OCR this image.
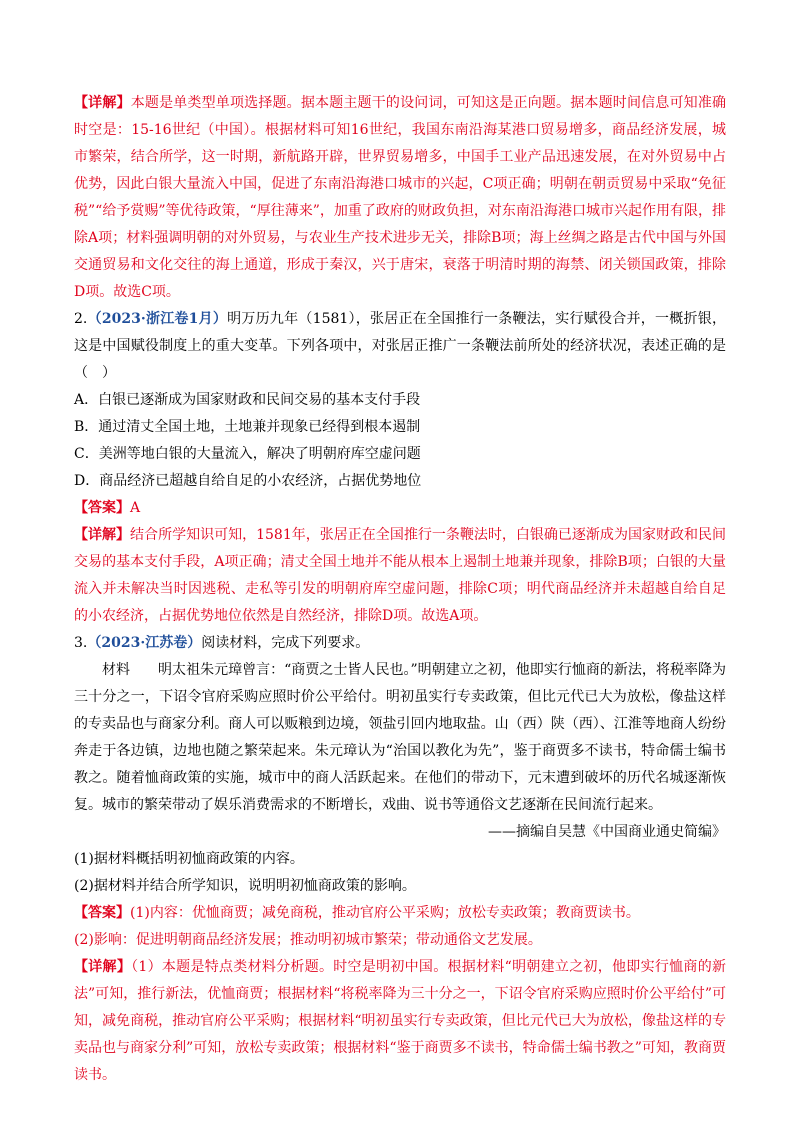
【详解】本题是单类型单项选择题。据本题主题干的设问词，可知这是正向题。据本题时间信息可知准确时空是：15-16世纪（中国）。根据材料可知16世纪，我国东南沿海某港口贸易增多，商品经济发展，城市繁荣，结合所学，这一时期，新航路开辟，世界贸易增多，中国手工业产品迅速发展，在对外贸易中占优势，因此白银大量流入中国，促进了东南沿海港口城市的兴起，C项正确；明朝在朝贡贸易中采取“免征税”“给予赏赐”等优待政策，“厚往薄来”，加重了政府的财政负担，对东南沿海港口城市兴起作用有限，排除A项；材料强调明朝的对外贸易，与农业生产技术进步无关，排除B项；海上丝绸之路是古代中国与外国交通贸易和文化交往的海上通道，形成于秦汉，兴于唐宋，衰落于明清时期的海禁、闭关锁国政策，排除D项。故选C项。

2.（2023·浙江卷1月）明万历九年（1581），张居正在全国推行一条鞭法，实行赋役合并，一概折银，这是中国赋役制度上的重大变革。下列各项中，对张居正推广一条鞭法前所处的经济状况，表述正确的是（　）

A．白银已逐渐成为国家财政和民间交易的基本支付手段

B．通过清丈全国土地，土地兼并现象已经得到根本遏制

C．美洲等地白银的大量流入，解决了明朝府库空虚问题

D．商品经济已超越自给自足的小农经济，占据优势地位

【答案】A

【详解】结合所学知识可知，1581年，张居正在全国推行一条鞭法时，白银确已逐渐成为国家财政和民间交易的基本支付手段，A项正确；清丈全国土地并不能从根本上遏制土地兼并现象，排除B项；白银的大量流入并未解决当时因逃税、走私等引发的明朝府库空虚问题，排除C项；明代商品经济并未超越自给自足的小农经济，占据优势地位依然是自然经济，排除D项。故选A项。

3.（2023·江苏卷）阅读材料，完成下列要求。

材料 明太祖朱元璋曾言：“商贾之士皆人民也。”明朝建立之初，他即实行恤商的新法，将税率降为三十分之一，下诏令官府采购应照时价公平给付。明初虽实行专卖政策，但比元代已大为放松，像盐这样的专卖品也与商家分利。商人可以贩粮到边境，领盐引回内地取盐。山（西）陕（西）、江淮等地商人纷纷奔走于各边镇，边地也随之繁荣起来。朱元璋认为“治国以教化为先”，鉴于商贾多不读书，特命儒士编书教之。随着恤商政策的实施，城市中的商人活跃起来。在他们的带动下，元末遭到破坏的历代名城逐渐恢复。城市的繁荣带动了娱乐消费需求的不断增长，戏曲、说书等通俗文艺逐渐在民间流行起来。

——摘编自吴慧《中国商业通史简编》

(1)据材料概括明初恤商政策的内容。

(2)据材料并结合所学知识，说明明初恤商政策的影响。

【答案】(1)内容：优恤商贾；减免商税，推动官府公平采购；放松专卖政策；教商贾读书。

(2)影响：促进明朝商品经济发展；推动明初城市繁荣；带动通俗文艺发展。

【详解】（1）本题是特点类材料分析题。时空是明初中国。根据材料“明朝建立之初，他即实行恤商的新法”可知，推行新法，优恤商贾；根据材料“将税率降为三十分之一，下诏令官府采购应照时价公平给付”可知，减免商税，推动官府公平采购；根据材料“明初虽实行专卖政策，但比元代已大为放松，像盐这样的专卖品也与商家分利”可知，放松专卖政策；根据材料“鉴于商贾多不读书，特命儒士编书教之”可知，教商贾读书。
